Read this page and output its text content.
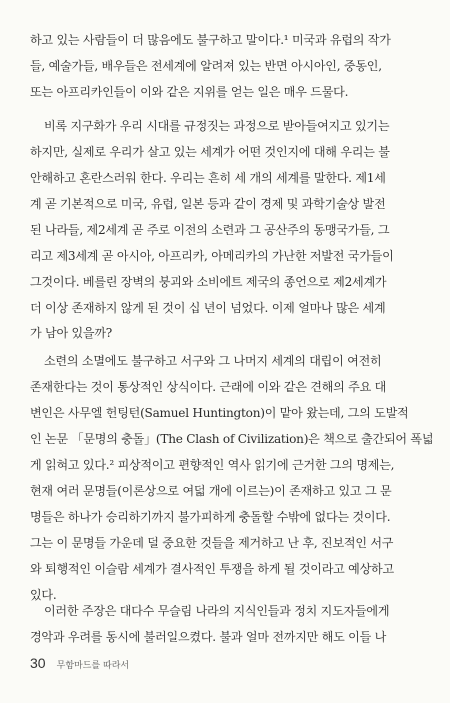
하고 있는 사람들이 더 많음에도 불구하고 말이다.¹ 미국과 유럽의 작가
들, 예술가들, 배우들은 전세계에 알려져 있는 반면 아시아인, 중동인,
또는 아프리카인들이 이와 같은 지위를 얻는 일은 매우 드물다.
비록 지구화가 우리 시대를 규정짓는 과정으로 받아들여지고 있기는
하지만, 실제로 우리가 살고 있는 세계가 어떤 것인지에 대해 우리는 불
안해하고 혼란스러워 한다. 우리는 흔히 세 개의 세계를 말한다. 제1세
계 곧 기본적으로 미국, 유럽, 일본 등과 같이 경제 및 과학기술상 발전
된 나라들, 제2세계 곧 주로 이전의 소련과 그 공산주의 동맹국가들, 그
리고 제3세계 곧 아시아, 아프리카, 아메리카의 가난한 저발전 국가들이
그것이다. 베를린 장벽의 붕괴와 소비에트 제국의 종언으로 제2세계가
더 이상 존재하지 않게 된 것이 십 년이 넘었다. 이제 얼마나 많은 세계
가 남아 있을까?
소련의 소멸에도 불구하고 서구와 그 나머지 세계의 대립이 여전히
존재한다는 것이 통상적인 상식이다. 근래에 이와 같은 견해의 주요 대
변인은 사무엘 헌팅턴(Samuel Huntington)이 맡아 왔는데, 그의 도발적
인 논문 「문명의 충돌」(The Clash of Civilization)은 책으로 출간되어 폭넓
게 읽혀고 있다.² 피상적이고 편향적인 역사 읽기에 근거한 그의 명제는,
현재 여러 문명들(이론상으로 여덟 개에 이르는)이 존재하고 있고 그 문
명들은 하나가 승리하기까지 불가피하게 충돌할 수밖에 없다는 것이다.
그는 이 문명들 가운데 덜 중요한 것들을 제거하고 난 후, 진보적인 서구
와 퇴행적인 이슬람 세계가 결사적인 투쟁을 하게 될 것이라고 예상하고
있다.
이러한 주장은 대다수 무슬림 나라의 지식인들과 정치 지도자들에게
경악과 우려를 동시에 불러일으켰다. 불과 얼마 전까지만 해도 이들 나
30 무함마드를 따라서
